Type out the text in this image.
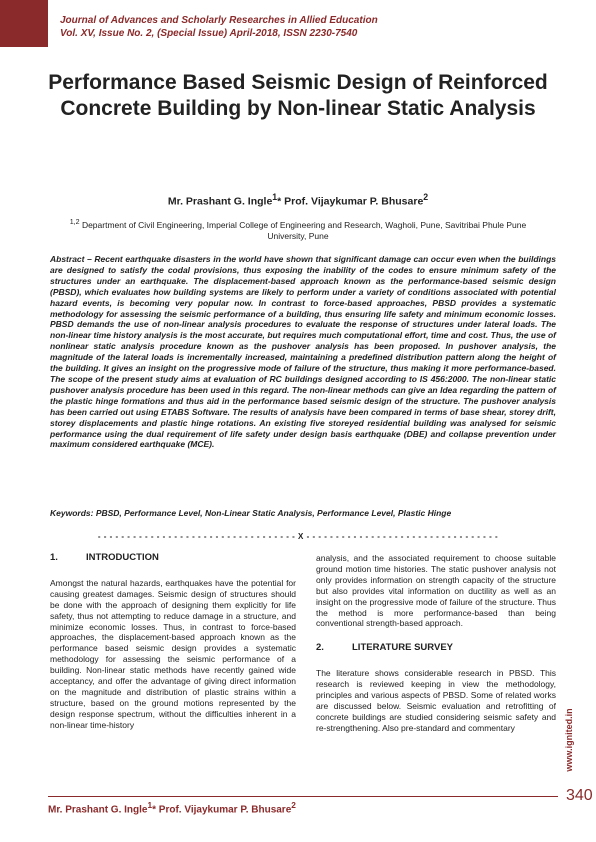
Journal of Advances and Scholarly Researches in Allied Education
Vol. XV, Issue No. 2, (Special Issue) April-2018, ISSN 2230-7540
Performance Based Seismic Design of Reinforced Concrete Building by Non-linear Static Analysis
Mr. Prashant G. Ingle$^1$* Prof. Vijaykumar P. Bhusare$^2$
$^{1,2}$ Department of Civil Engineering, Imperial College of Engineering and Research, Wagholi, Pune, Savitribai Phule Pune University, Pune
Abstract – Recent earthquake disasters in the world have shown that significant damage can occur even when the buildings are designed to satisfy the codal provisions, thus exposing the inability of the codes to ensure minimum safety of the structures under an earthquake. The displacement-based approach known as the performance-based seismic design (PBSD), which evaluates how building systems are likely to perform under a variety of conditions associated with potential hazard events, is becoming very popular now. In contrast to force-based approaches, PBSD provides a systematic methodology for assessing the seismic performance of a building, thus ensuring life safety and minimum economic losses. PBSD demands the use of non-linear analysis procedures to evaluate the response of structures under lateral loads. The non-linear time history analysis is the most accurate, but requires much computational effort, time and cost. Thus, the use of nonlinear static analysis procedure known as the pushover analysis has been proposed. In pushover analysis, the magnitude of the lateral loads is incrementally increased, maintaining a predefined distribution pattern along the height of the building. It gives an insight on the progressive mode of failure of the structure, thus making it more performance-based. The scope of the present study aims at evaluation of RC buildings designed according to IS 456:2000. The non-linear static pushover analysis procedure has been used in this regard. The non-linear methods can give an Idea regarding the pattern of the plastic hinge formations and thus aid in the performance based seismic design of the structure. The pushover analysis has been carried out using ETABS Software. The results of analysis have been compared in terms of base shear, storey drift, storey displacements and plastic hinge rotations. An existing five storeyed residential building was analysed for seismic performance using the dual requirement of life safety under design basis earthquake (DBE) and collapse prevention under maximum considered earthquake (MCE).
Keywords: PBSD, Performance Level, Non-Linear Static Analysis, Performance Level, Plastic Hinge
- - - - - - - - - - - - - - - - - - - - - - - - - - - - - - - - - - X - - - - - - - - - - - - - - - - - - - - - - - - - - - - - - - - -
1.	INTRODUCTION
Amongst the natural hazards, earthquakes have the potential for causing greatest damages. Seismic design of structures should be done with the approach of designing them explicitly for life safety, thus not attempting to reduce damage in a structure, and minimize economic losses. Thus, in contrast to force-based approaches, the displacement-based approach known as the performance based seismic design provides a systematic methodology for assessing the seismic performance of a building. Non-linear static methods have recently gained wide acceptancy, and offer the advantage of giving direct information on the magnitude and distribution of plastic strains within a structure, based on the ground motions represented by the design response spectrum, without the difficulties inherent in a non-linear time-history
analysis, and the associated requirement to choose suitable ground motion time histories. The static pushover analysis not only provides information on strength capacity of the structure but also provides vital information on ductility as well as an insight on the progressive mode of failure of the structure. Thus the method is more performance-based than being conventional strength-based approach.
2.	LITERATURE SURVEY
The literature shows considerable research in PBSD. This research is reviewed keeping in view the methodology, principles and various aspects of PBSD. Some of related works are discussed below. Seismic evaluation and retrofitting of concrete buildings are studied considering seismic safety and re-strengthening. Also pre-standard and commentary	www.ignited.in
Mr. Prashant G. Ingle$^1$* Prof. Vijaykumar P. Bhusare$^2$
340
